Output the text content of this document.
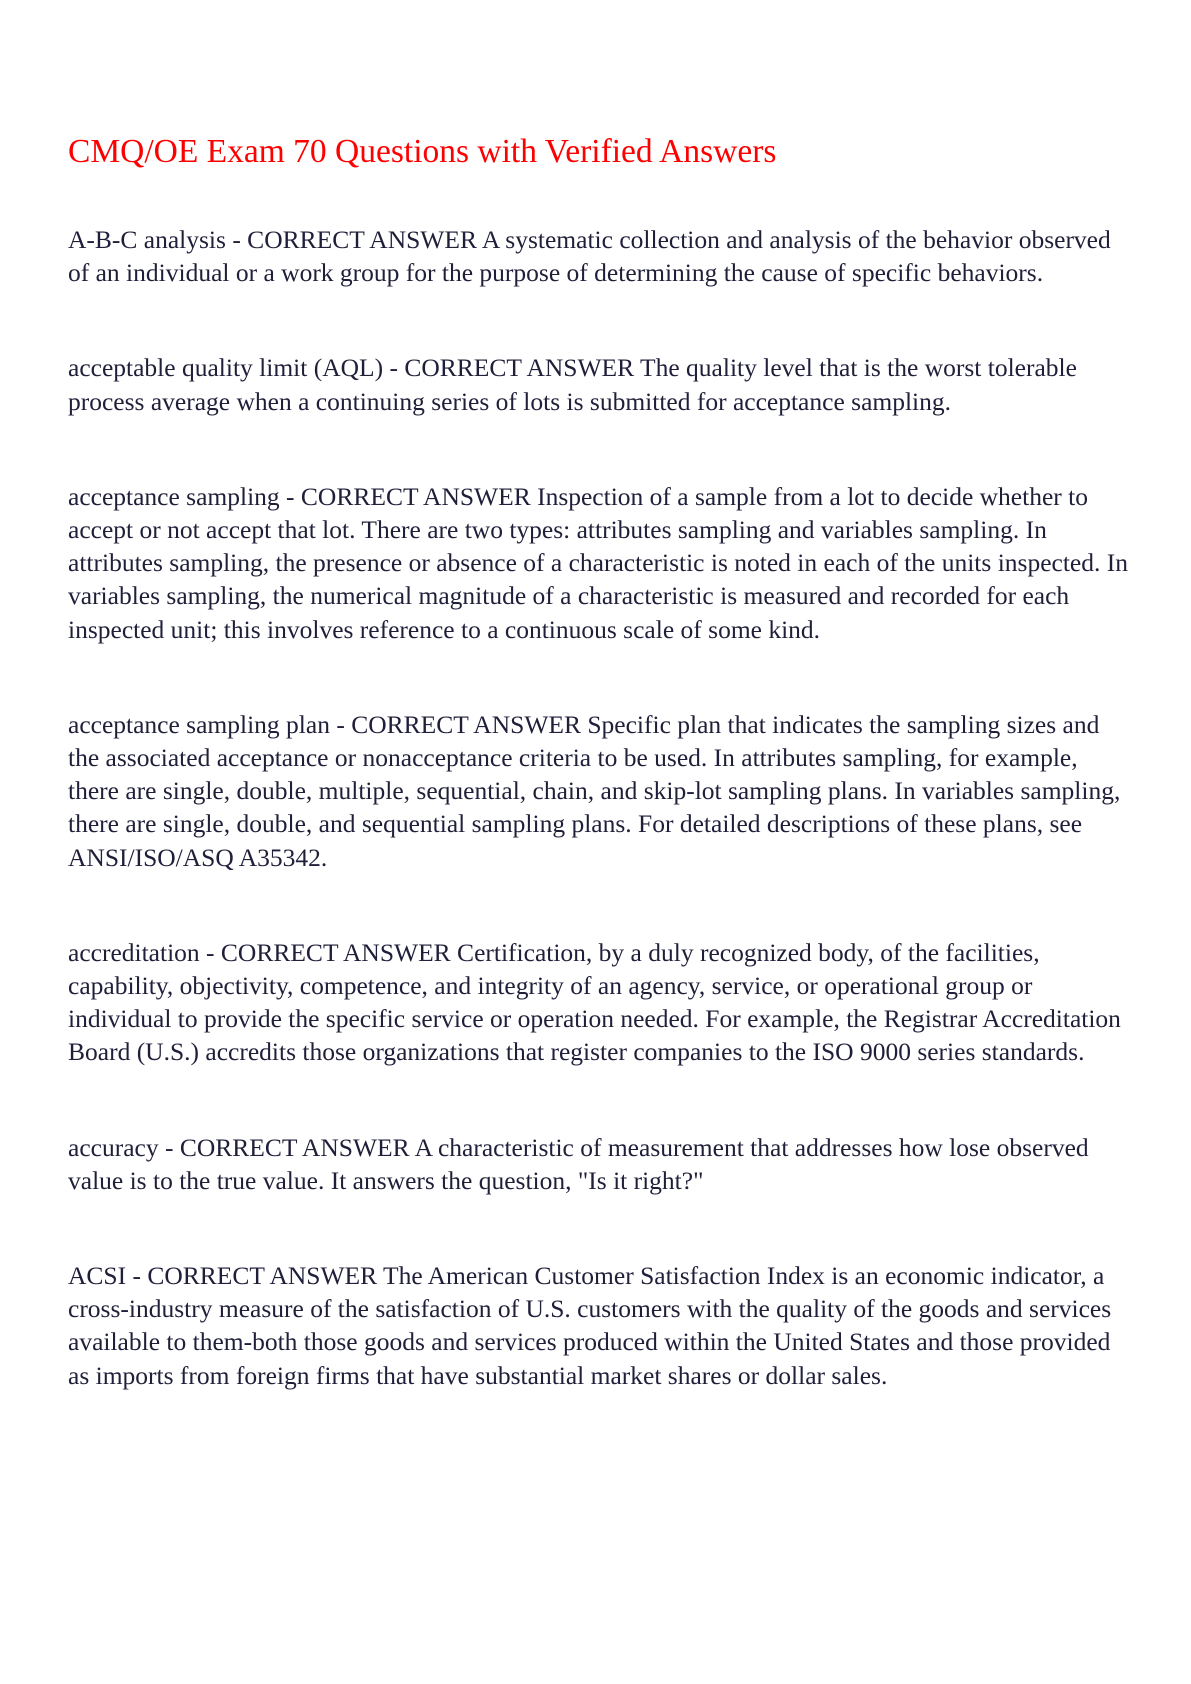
CMQ/OE Exam 70 Questions with Verified Answers

A-B-C analysis - CORRECT ANSWER A systematic collection and analysis of the behavior observed of an individual or a work group for the purpose of determining the cause of specific behaviors.

acceptable quality limit (AQL) - CORRECT ANSWER The quality level that is the worst tolerable process average when a continuing series of lots is submitted for acceptance sampling.

acceptance sampling - CORRECT ANSWER Inspection of a sample from a lot to decide whether to accept or not accept that lot. There are two types: attributes sampling and variables sampling. In attributes sampling, the presence or absence of a characteristic is noted in each of the units inspected. In variables sampling, the numerical magnitude of a characteristic is measured and recorded for each inspected unit; this involves reference to a continuous scale of some kind.

acceptance sampling plan - CORRECT ANSWER Specific plan that indicates the sampling sizes and the associated acceptance or nonacceptance criteria to be used. In attributes sampling, for example, there are single, double, multiple, sequential, chain, and skip-lot sampling plans. In variables sampling, there are single, double, and sequential sampling plans. For detailed descriptions of these plans, see ANSI/ISO/ASQ A35342.

accreditation - CORRECT ANSWER Certification, by a duly recognized body, of the facilities, capability, objectivity, competence, and integrity of an agency, service, or operational group or individual to provide the specific service or operation needed. For example, the Registrar Accreditation Board (U.S.) accredits those organizations that register companies to the ISO 9000 series standards.

accuracy - CORRECT ANSWER A characteristic of measurement that addresses how lose observed value is to the true value. It answers the question, "Is it right?"

ACSI - CORRECT ANSWER The American Customer Satisfaction Index is an economic indicator, a cross-industry measure of the satisfaction of U.S. customers with the quality of the goods and services available to them-both those goods and services produced within the United States and those provided as imports from foreign firms that have substantial market shares or dollar sales.
